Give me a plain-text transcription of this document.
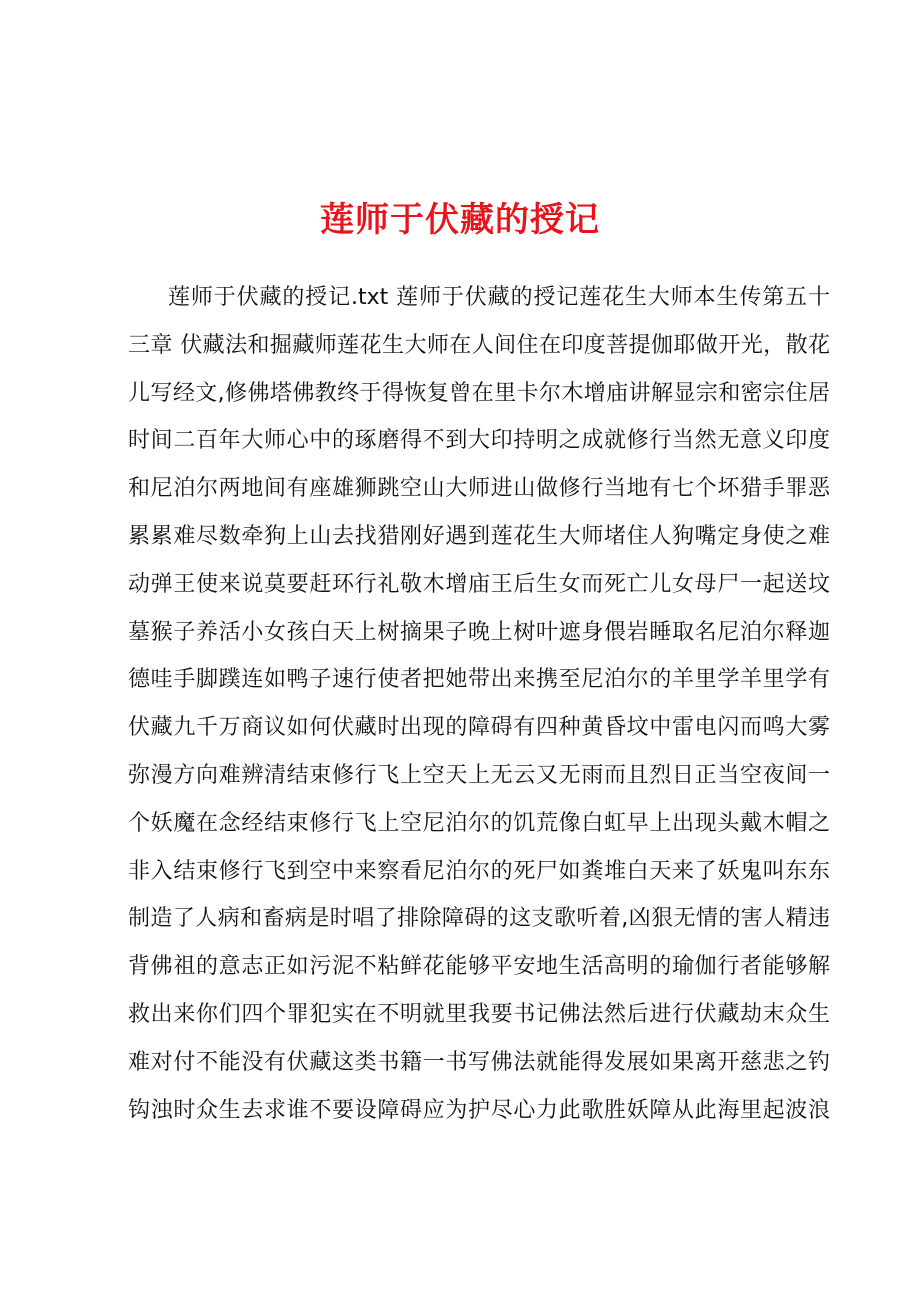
莲师于伏藏的授记
莲师于伏藏的授记.txt 莲师于伏藏的授记莲花生大师本生传第五十
三章 伏藏法和掘藏师莲花生大师在人间住在印度菩提伽耶做开光，散花
儿写经文,修佛塔佛教终于得恢复曾在里卡尔木增庙讲解显宗和密宗住居
时间二百年大师心中的琢磨得不到大印持明之成就修行当然无意义印度
和尼泊尔两地间有座雄狮跳空山大师进山做修行当地有七个坏猎手罪恶
累累难尽数牵狗上山去找猎刚好遇到莲花生大师堵住人狗嘴定身使之难
动弹王使来说莫要赶环行礼敬木增庙王后生女而死亡儿女母尸一起送坟
墓猴子养活小女孩白天上树摘果子晚上树叶遮身偎岩睡取名尼泊尔释迦
德哇手脚蹼连如鸭子速行使者把她带出来携至尼泊尔的羊里学羊里学有
伏藏九千万商议如何伏藏时出现的障碍有四种黄昏坟中雷电闪而鸣大雾
弥漫方向难辨清结束修行飞上空天上无云又无雨而且烈日正当空夜间一
个妖魔在念经结束修行飞上空尼泊尔的饥荒像白虹早上出现头戴木帽之
非入结束修行飞到空中来察看尼泊尔的死尸如粪堆白天来了妖鬼叫东东
制造了人病和畜病是时唱了排除障碍的这支歌听着,凶狠无情的害人精违
背佛祖的意志正如污泥不粘鲜花能够平安地生活高明的瑜伽行者能够解
救出来你们四个罪犯实在不明就里我要书记佛法然后进行伏藏劫末众生
难对付不能没有伏藏这类书籍一书写佛法就能得发展如果离开慈悲之钓
钩浊时众生去求谁不要设障碍应为护尽心力此歌胜妖障从此海里起波浪
